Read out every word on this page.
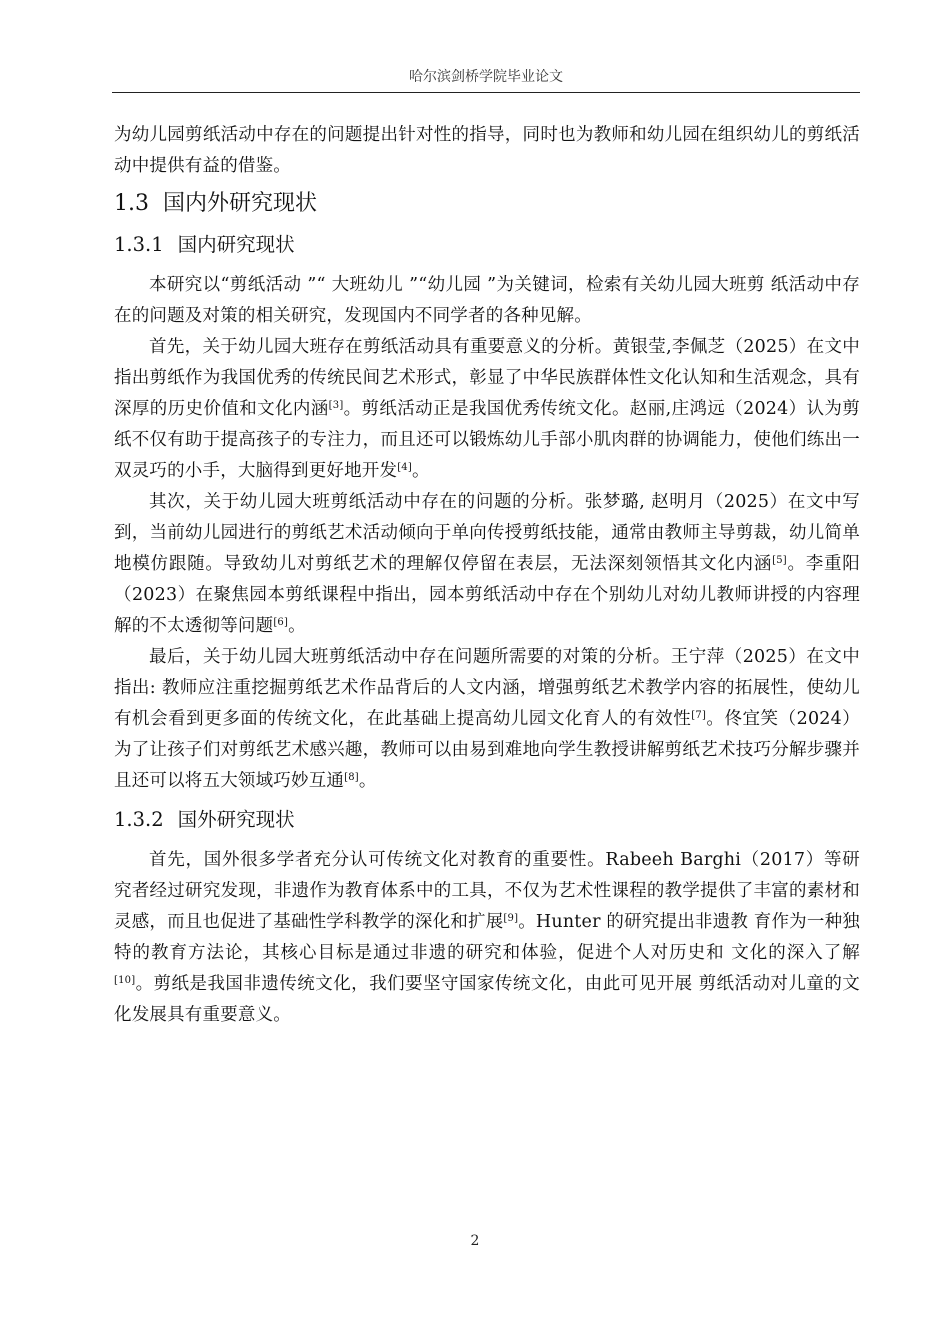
哈尔滨剑桥学院毕业论文

为幼儿园剪纸活动中存在的问题提出针对性的指导，同时也为教师和幼儿园在组织幼儿的剪纸活动中提供有益的借鉴。

1.3 国内外研究现状
1.3.1 国内研究现状

本研究以“剪纸活动 ”“ 大班幼儿 ”“幼儿园 ”为关键词，检索有关幼儿园大班剪 纸活动中存在的问题及对策的相关研究，发现国内不同学者的各种见解。

首先，关于幼儿园大班存在剪纸活动具有重要意义的分析。黄银莹,李佩芝（2025）在文中指出剪纸作为我国优秀的传统民间艺术形式，彰显了中华民族群体性文化认知和生活观念，具有深厚的历史价值和文化内涵[3]。剪纸活动正是我国优秀传统文化。赵丽,庄鸿远（2024）认为剪纸不仅有助于提高孩子的专注力，而且还可以锻炼幼儿手部小肌肉群的协调能力，使他们练出一双灵巧的小手，大脑得到更好地开发[4]。

其次，关于幼儿园大班剪纸活动中存在的问题的分析。张梦璐, 赵明月（2025）在文中写到，当前幼儿园进行的剪纸艺术活动倾向于单向传授剪纸技能，通常由教师主导剪裁，幼儿简单地模仿跟随。导致幼儿对剪纸艺术的理解仅停留在表层，无法深刻领悟其文化内涵[5]。李重阳（2023）在聚焦园本剪纸课程中指出，园本剪纸活动中存在个别幼儿对幼儿教师讲授的内容理解的不太透彻等问题[6]。

最后，关于幼儿园大班剪纸活动中存在问题所需要的对策的分析。王宁萍（2025）在文中指出: 教师应注重挖掘剪纸艺术作品背后的人文内涵，增强剪纸艺术教学内容的拓展性，使幼儿有机会看到更多面的传统文化，在此基础上提高幼儿园文化育人的有效性[7]。佟宜笑（2024）为了让孩子们对剪纸艺术感兴趣，教师可以由易到难地向学生教授讲解剪纸艺术技巧分解步骤并且还可以将五大领域巧妙互通[8]。

1.3.2 国外研究现状

首先，国外很多学者充分认可传统文化对教育的重要性。Rabeeh Barghi（2017）等研究者经过研究发现，非遗作为教育体系中的工具，不仅为艺术性课程的教学提供了丰富的素材和灵感，而且也促进了基础性学科教学的深化和扩展[9]。Hunter 的研究提出非遗教 育作为一种独特的教育方法论，其核心目标是通过非遗的研究和体验，促进个人对历史和 文化的深入了解[10]。剪纸是我国非遗传统文化，我们要坚守国家传统文化，由此可见开展 剪纸活动对儿童的文化发展具有重要意义。

2
